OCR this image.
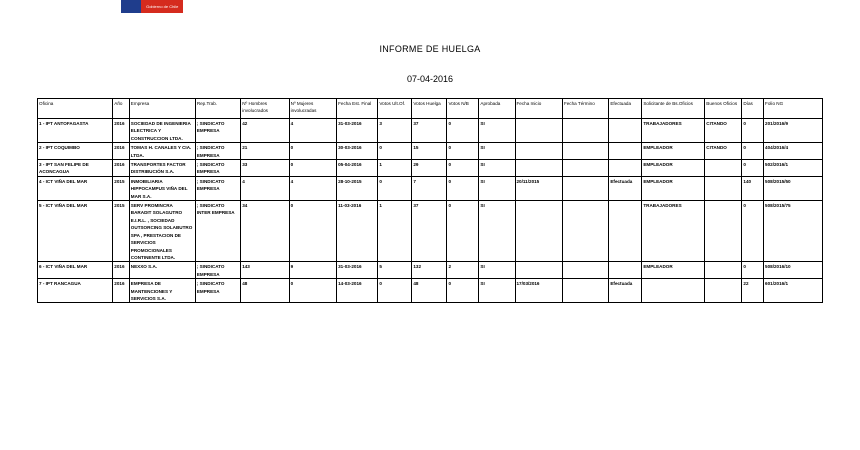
Gobierno de Chile
INFORME DE HUELGA
07-04-2016
Oficina	Año	Empresa	Rep.Trab.	Nº Hombres involucrados	Nº Mujeres involucradas	Fecha Est. Final	Votos Ult.Of.	Votos Huelga	Votos N/B	Aprobada	Fecha Inicio	Fecha Término	Efectuada	Solicitante de Bs.Oficios	Buenos Oficios	Días	Folio NG
1 - IPT ANTOFAGASTA	2016	SOCIEDAD DE INGENIERIA ELECTRICA Y CONSTRUCCION LTDA.	; SINDICATO EMPRESA	42	4	31-03-2016	3	37	0	SI				TRABAJADORES	CITANDO	0	201/2016/9
2 - IPT COQUIMBO	2016	TOMAS H. CANALES Y CIA. LTDA.	; SINDICATO EMPRESA	21	0	30-03-2016	0	15	0	SI				EMPLEADOR	CITANDO	0	404/2016/4
3 - IPT SAN FELIPE DE ACONCAGUA	2016	TRANSPORTES FACTOR DISTRIBUCIÓN S.A.	; SINDICATO EMPRESA	33	0	05-04-2016	1	29	0	SI				EMPLEADOR		0	502/2016/1
4 - ICT VIÑA DEL MAR	2015	INMOBILIARIA HIPPOCAMPUS VIÑA DEL MAR S.A.	; SINDICATO EMPRESA	4	4	28-10-2015	0	7	0	SI	20/11/2015		Efectuada	EMPLEADOR		140	508/2015/50
5 - ICT VIÑA DEL MAR	2015	SERV PROMINCRA BARADIT SOLAGUTRO E.I.R.L. , SOCIEDAD OUTSORCING SOLABUTRO SPA , PRESTACION DE SERVICIOS PROMOCIONALES CONTINENTE LTDA.	; SINDICATO INTER EMPRESA	34	0	11-03-2016	1	37	0	SI				TRABAJADORES		0	508/2015/75
6 - ICT VIÑA DEL MAR	2016	NEXXO S.A.	; SINDICATO EMPRESA	143	9	31-03-2016	5	132	2	SI				EMPLEADOR		0	508/2016/10
7 - IPT RANCAGUA	2016	EMPRESA DE MANTENCIONES Y SERVICIOS S.A.	; SINDICATO EMPRESA	48	0	14-03-2016	0	48	0	SI	17/03/2016		Efectuada			22	601/2016/1
